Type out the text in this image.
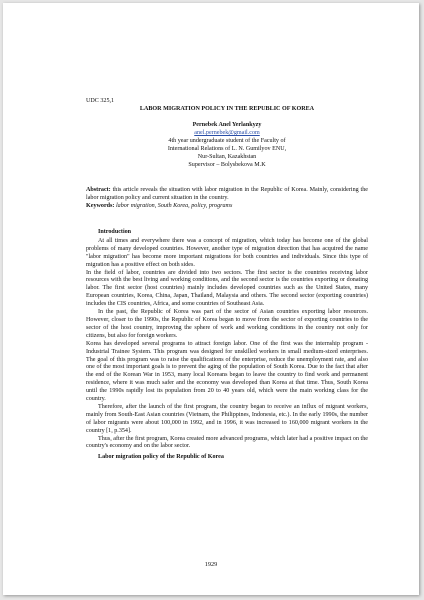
UDC 325,1

LABOR MIGRATION POLICY IN THE REPUBLIC OF KOREA

Pernebek Anel Yerlankyzy

anel.pernebek@gmail.com

4th year undergraduate student of the Faculty of

International Relations of L. N. Gumilyov ENU,

Nur-Sultan, Kazakhstan

Supervisor – Bolysbekova M.K

Abstract: this article reveals the situation with labor migration in the Republic of Korea. Mainly, considering the labor migration policy and current situation in the country.

Keywords: labor migration, South Korea, policy, programs

Introduction

At all times and everywhere there was a concept of migration, which today has become one of the global problems of many developed countries. However, another type of migration direction that has acquired the name "labor migration" has become more important migrations for both countries and individuals. Since this type of migration has a positive effect on both sides.

In the field of labor, countries are divided into two sectors. The first sector is the countries receiving labor resources with the best living and working conditions, and the second sector is the countries exporting or donating labor. The first sector (host countries) mainly includes developed countries such as the United States, many European countries, Korea, China, Japan, Thailand, Malaysia and others. The second sector (exporting countries) includes the CIS countries, Africa, and some countries of Southeast Asia.

In the past, the Republic of Korea was part of the sector of Asian countries exporting labor resources. However, closer to the 1990s, the Republic of Korea began to move from the sector of exporting countries to the sector of the host country, improving the sphere of work and working conditions in the country not only for citizens, but also for foreign workers.

Korea has developed several programs to attract foreign labor. One of the first was the internship program - Industrial Trainee System. This program was designed for unskilled workers in small medium-sized enterprises. The goal of this program was to raise the qualifications of the enterprise, reduce the unemployment rate, and also one of the most important goals is to prevent the aging of the population of South Korea. Due to the fact that after the end of the Korean War in 1953, many local Koreans began to leave the country to find work and permanent residence, where it was much safer and the economy was developed than Korea at that time. Thus, South Korea until the 1990s rapidly lost its population from 20 to 40 years old, which were the main working class for the country.

Therefore, after the launch of the first program, the country began to receive an influx of migrant workers, mainly from South-East Asian countries (Vietnam, the Philippines, Indonesia, etc.). In the early 1990s, the number of labor migrants were about 100,000 in 1992, and in 1996, it was increased to 160,000 migrant workers in the country [1, p.354].

Thus, after the first program, Korea created more advanced programs, which later had a positive impact on the country's economy and on the labor sector.

Labor migration policy of the Republic of Korea

1929
